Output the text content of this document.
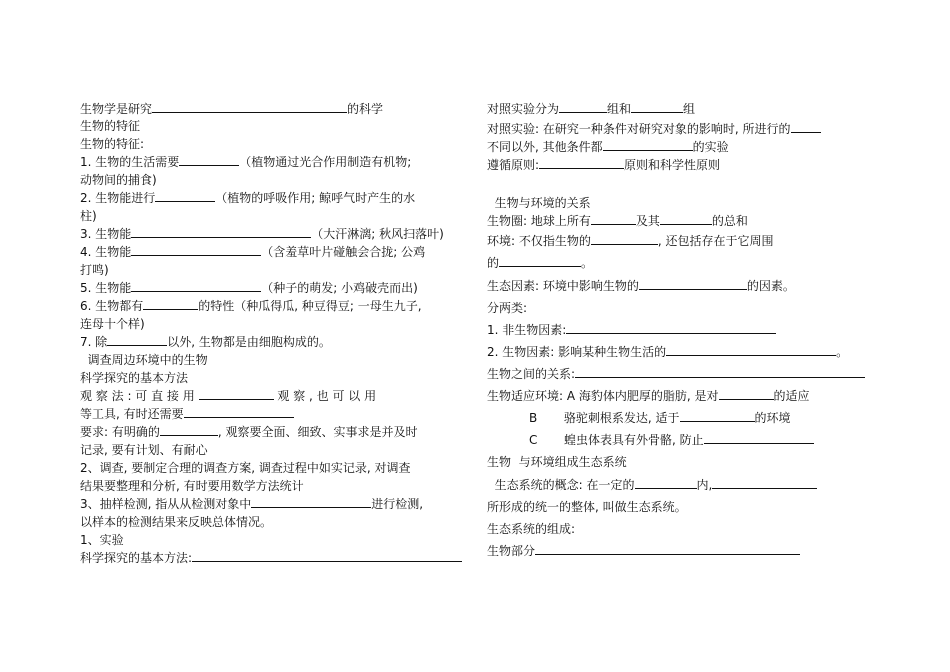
生物学是研究	的科学
生物的特征
生物的特征:
1. 生物的生活需要	（植物通过光合作用制造有机物;
动物间的捕食)
2. 生物能进行	（植物的呼吸作用; 鲸呼气时产生的水
柱)
3. 生物能	（大汗淋漓; 秋风扫落叶)
4. 生物能	（含羞草叶片碰触会合拢; 公鸡
打鸣)
5. 生物能	（种子的萌发; 小鸡破壳而出)
6. 生物都有	的特性（种瓜得瓜, 种豆得豆; 一母生九子,
连母十个样)
7. 除	以外, 生物都是由细胞构成的。
调查周边环境中的生物
科学探究的基本方法
观 察 法 : 可 直 接 用	观 察 , 也 可 以 用
等工具, 有时还需要
要求: 有明确的	, 观察要全面、细致、实事求是并及时
记录, 要有计划、有耐心
2、调查, 要制定合理的调查方案, 调查过程中如实记录, 对调查
结果要整理和分析, 有时要用数学方法统计
3、抽样检测, 指从从检测对象中	进行检测,
以样本的检测结果来反映总体情况。
1、实验
科学探究的基本方法:
对照实验分为	组和	组
对照实验: 在研究一种条件对研究对象的影响时, 所进行的
不同以外, 其他条件都	的实验
遵循原则:	原则和科学性原则
生物与环境的关系
生物圈: 地球上所有	及其	的总和
环境: 不仅指生物的	, 还包括存在于它周围
的	。
生态因素: 环境中影响生物的	的因素。
分两类:
1. 非生物因素:
2. 生物因素: 影响某种生物生活的	。
生物之间的关系:
生物适应环境: A 海豹体内肥厚的脂肪, 是对	的适应
B       骆驼刺根系发达, 适于	的环境
C       蝗虫体表具有外骨骼, 防止
生物  与环境组成生态系统
生态系统的概念: 在一定的	内,
所形成的统一的整体, 叫做生态系统。
生态系统的组成:
生物部分
